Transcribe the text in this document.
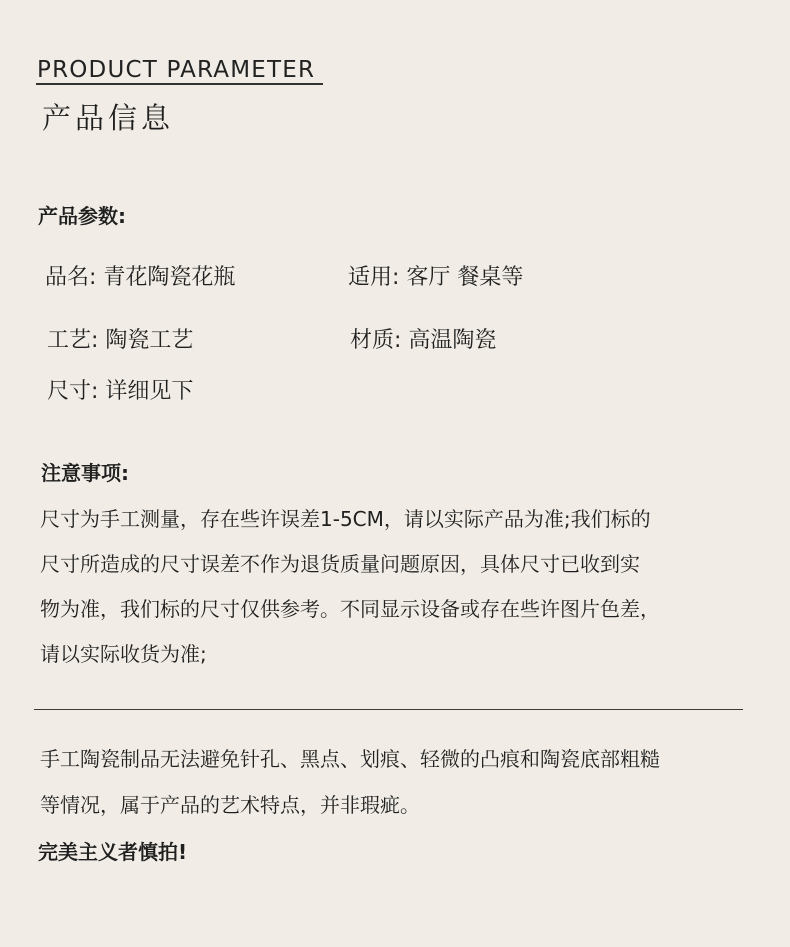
PRODUCT PARAMETER
产品信息
产品参数:
品名: 青花陶瓷花瓶	适用: 客厅 餐桌等
工艺: 陶瓷工艺	材质: 高温陶瓷
尺寸: 详细见下
注意事项:
尺寸为手工测量，存在些许误差1-5CM，请以实际产品为准;我们标的
尺寸所造成的尺寸误差不作为退货质量问题原因，具体尺寸已收到实
物为准，我们标的尺寸仅供参考。不同显示设备或存在些许图片色差，
请以实际收货为准;
手工陶瓷制品无法避免针孔、黑点、划痕、轻微的凸痕和陶瓷底部粗糙
等情况，属于产品的艺术特点，并非瑕疵。
完美主义者慎拍!
